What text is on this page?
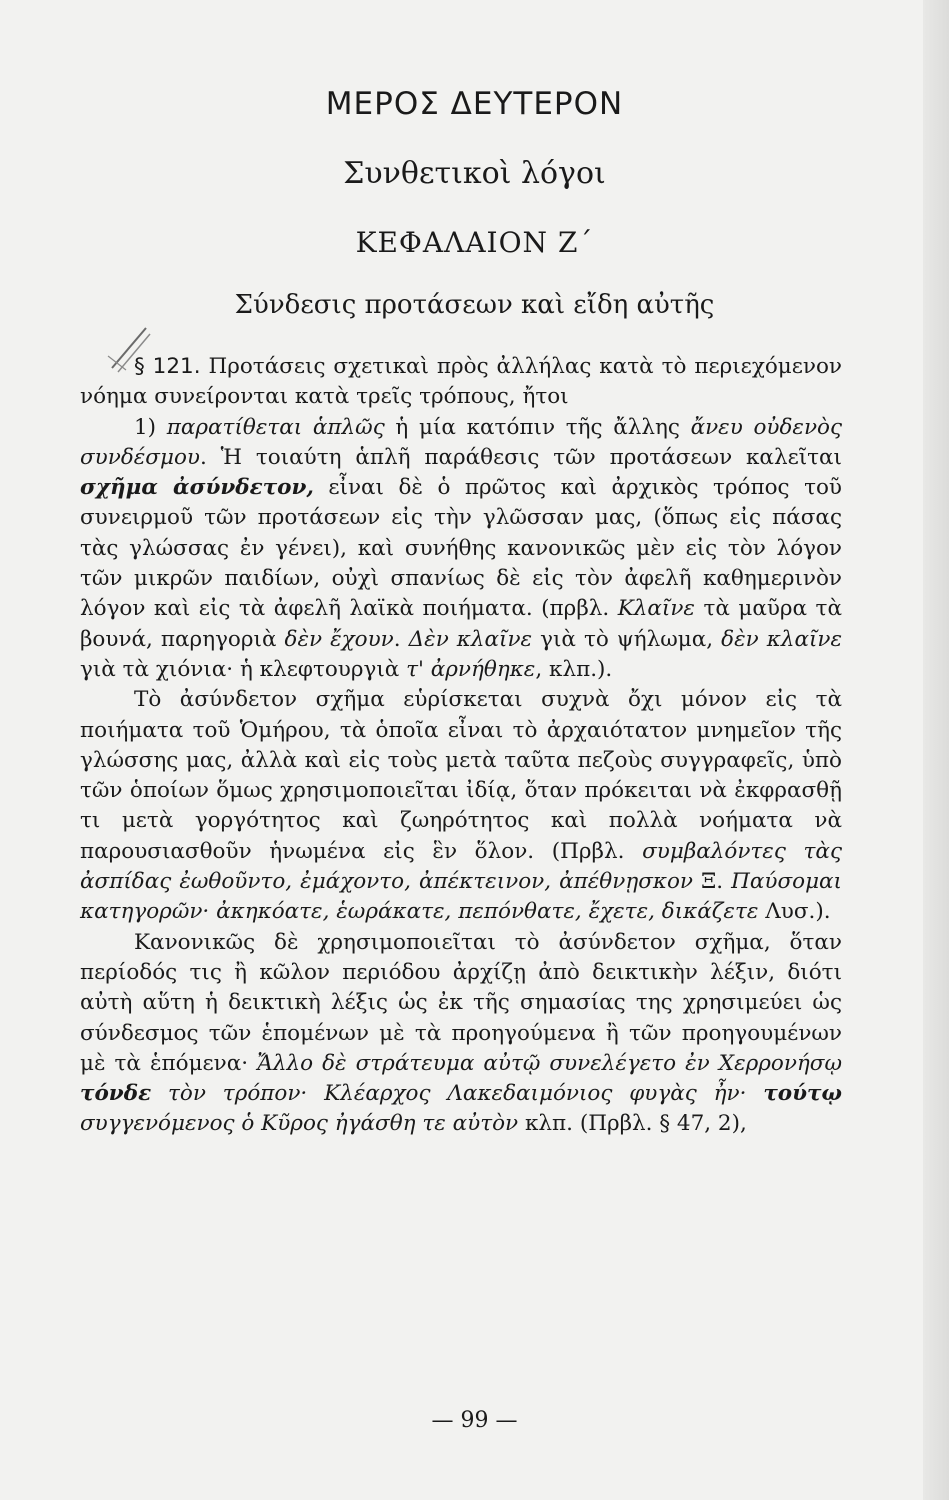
ΜΕΡΟΣ ΔΕΥΤΕΡΟΝ
Συνθετικοὶ λόγοι
ΚΕΦΑΛΑΙΟΝ Ζ΄
Σύνδεσις προτάσεων καὶ εἴδη αὐτῆς

§ 121. Προτάσεις σχετικαὶ πρὸς ἀλλήλας κατὰ τὸ περιεχόμενον νόημα συνείρονται κατὰ τρεῖς τρόπους, ἤτοι

1) παρατίθεται ἁπλῶς ἡ μία κατόπιν τῆς ἄλλης ἄνευ οὐδενὸς συνδέσμου. Ἡ τοιαύτη ἁπλῆ παράθεσις τῶν προτάσεων καλεῖται σχῆμα ἀσύνδετον, εἶναι δὲ ὁ πρῶτος καὶ ἀρχικὸς τρόπος τοῦ συνειρμοῦ τῶν προτάσεων εἰς τὴν γλῶσσαν μας, (ὅπως εἰς πάσας τὰς γλώσσας ἐν γένει), καὶ συνήθης κανονικῶς μὲν εἰς τὸν λόγον τῶν μικρῶν παιδίων, οὐχὶ σπανίως δὲ εἰς τὸν ἀφελῆ καθημερινὸν λόγον καὶ εἰς τὰ ἀφελῆ λαϊκὰ ποιήματα. (πρβλ. Κλαῖνε τὰ μαῦρα τὰ βουνά, παρηγοριὰ δὲν ἔχουν. Δὲν κλαῖνε γιὰ τὸ ψήλωμα, δὲν κλαῖνε γιὰ τὰ χιόνια· ἡ κλεφτουργιὰ τ' ἀρνήθηκε, κλπ.).

Τὸ ἀσύνδετον σχῆμα εὑρίσκεται συχνὰ ὄχι μόνον εἰς τὰ ποιήματα τοῦ Ὁμήρου, τὰ ὁποῖα εἶναι τὸ ἀρχαιότατον μνημεῖον τῆς γλώσσης μας, ἀλλὰ καὶ εἰς τοὺς μετὰ ταῦτα πεζοὺς συγγραφεῖς, ὑπὸ τῶν ὁποίων ὅμως χρησιμοποιεῖται ἰδίᾳ, ὅταν πρόκειται νὰ ἐκφρασθῇ τι μετὰ γοργότητος καὶ ζωηρότητος καὶ πολλὰ νοήματα νὰ παρουσιασθοῦν ἡνωμένα εἰς ἓν ὅλον. (Πρβλ. συμβαλόντες τὰς ἀσπίδας ἐωθοῦντο, ἐμάχοντο, ἀπέκτεινον, ἀπέθνῃσκον Ξ. Παύσομαι κατηγορῶν· ἀκηκόατε, ἑωράκατε, πεπόνθατε, ἔχετε, δικάζετε Λυσ.).

Κανονικῶς δὲ χρησιμοποιεῖται τὸ ἀσύνδετον σχῆμα, ὅταν περίοδός τις ἢ κῶλον περιόδου ἀρχίζῃ ἀπὸ δεικτικὴν λέξιν, διότι αὐτὴ αὕτη ἡ δεικτικὴ λέξις ὡς ἐκ τῆς σημασίας της χρησιμεύει ὡς σύνδεσμος τῶν ἑπομένων μὲ τὰ προηγούμενα ἢ τῶν προηγουμένων μὲ τὰ ἑπόμενα· Ἄλλο δὲ στράτευμα αὐτῷ συνελέγετο ἐν Χερρονήσῳ τόνδε τὸν τρόπον· Κλέαρχος Λακεδαιμόνιος φυγὰς ἦν· τούτῳ συγγενόμενος ὁ Κῦρος ἠγάσθη τε αὐτὸν κλπ. (Πρβλ. § 47, 2),

— 99 —
